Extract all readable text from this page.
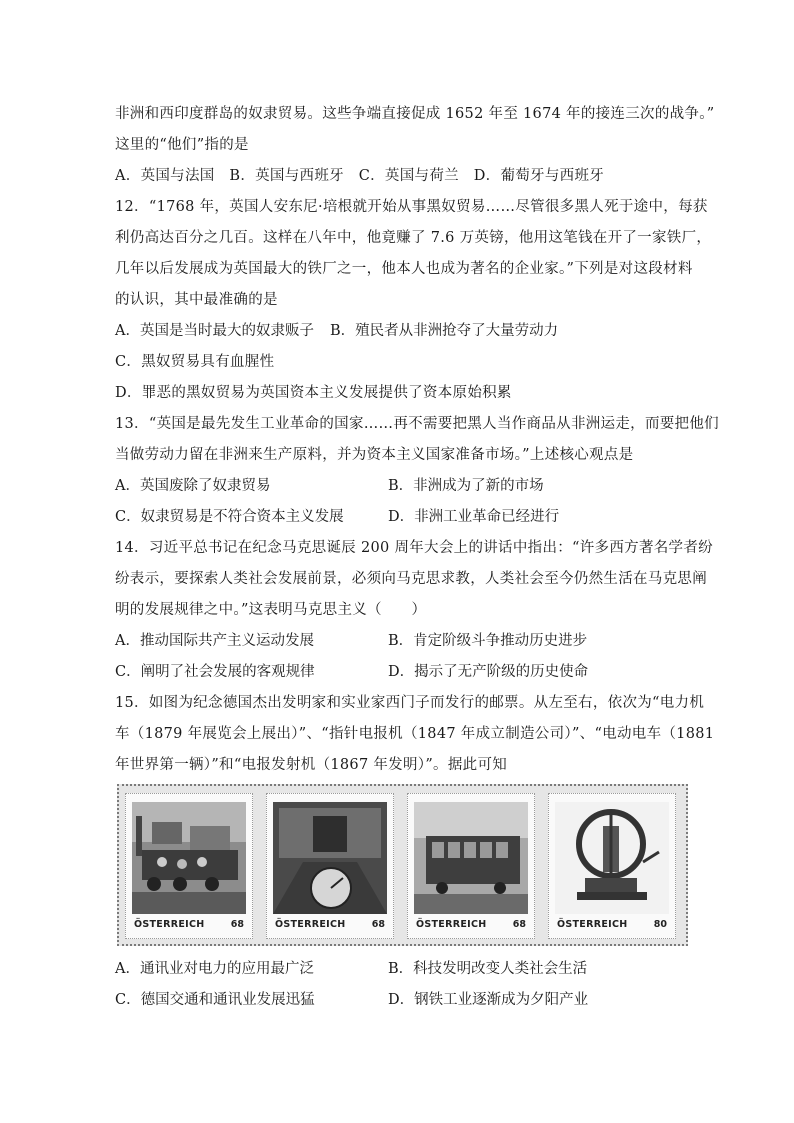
非洲和西印度群岛的奴隶贸易。这些争端直接促成 1652 年至 1674 年的接连三次的战争。”
这里的“他们”指的是
A．英国与法国　B．英国与西班牙　C．英国与荷兰　D．葡萄牙与西班牙
12．“1768 年，英国人安东尼·培根就开始从事黑奴贸易……尽管很多黑人死于途中，每获
利仍高达百分之几百。这样在八年中，他竟赚了 7.6 万英镑，他用这笔钱在开了一家铁厂，
几年以后发展成为英国最大的铁厂之一，他本人也成为著名的企业家。”下列是对这段材料
的认识，其中最准确的是
A．英国是当时最大的奴隶贩子 B．殖民者从非洲抢夺了大量劳动力
C．黑奴贸易具有血腥性
D．罪恶的黑奴贸易为英国资本主义发展提供了资本原始积累
13．“英国是最先发生工业革命的国家……再不需要把黑人当作商品从非洲运走，而要把他们
当做劳动力留在非洲来生产原料，并为资本主义国家准备市场。”上述核心观点是
A．英国废除了奴隶贸易	B．非洲成为了新的市场
C．奴隶贸易是不符合资本主义发展	D．非洲工业革命已经进行
14．习近平总书记在纪念马克思诞辰 200 周年大会上的讲话中指出：“许多西方著名学者纷
纷表示，要探索人类社会发展前景，必须向马克思求教，人类社会至今仍然生活在马克思阐
明的发展规律之中。”这表明马克思主义（　　）
A．推动国际共产主义运动发展	B．肯定阶级斗争推动历史进步
C．阐明了社会发展的客观规律	D．揭示了无产阶级的历史使命
15．如图为纪念德国杰出发明家和实业家西门子而发行的邮票。从左至右，依次为“电力机
车（1879 年展览会上展出）”、“指针电报机（1847 年成立制造公司）”、“电动电车（1881
年世界第一辆）”和“电报发射机（1867 年发明）”。据此可知
ÖSTERREICH	68	ÖSTERREICH	68	ÖSTERREICH	68	ÖSTERREICH	80
A．通讯业对电力的应用最广泛	B．科技发明改变人类社会生活
C．德国交通和通讯业发展迅猛	D．钢铁工业逐渐成为夕阳产业
